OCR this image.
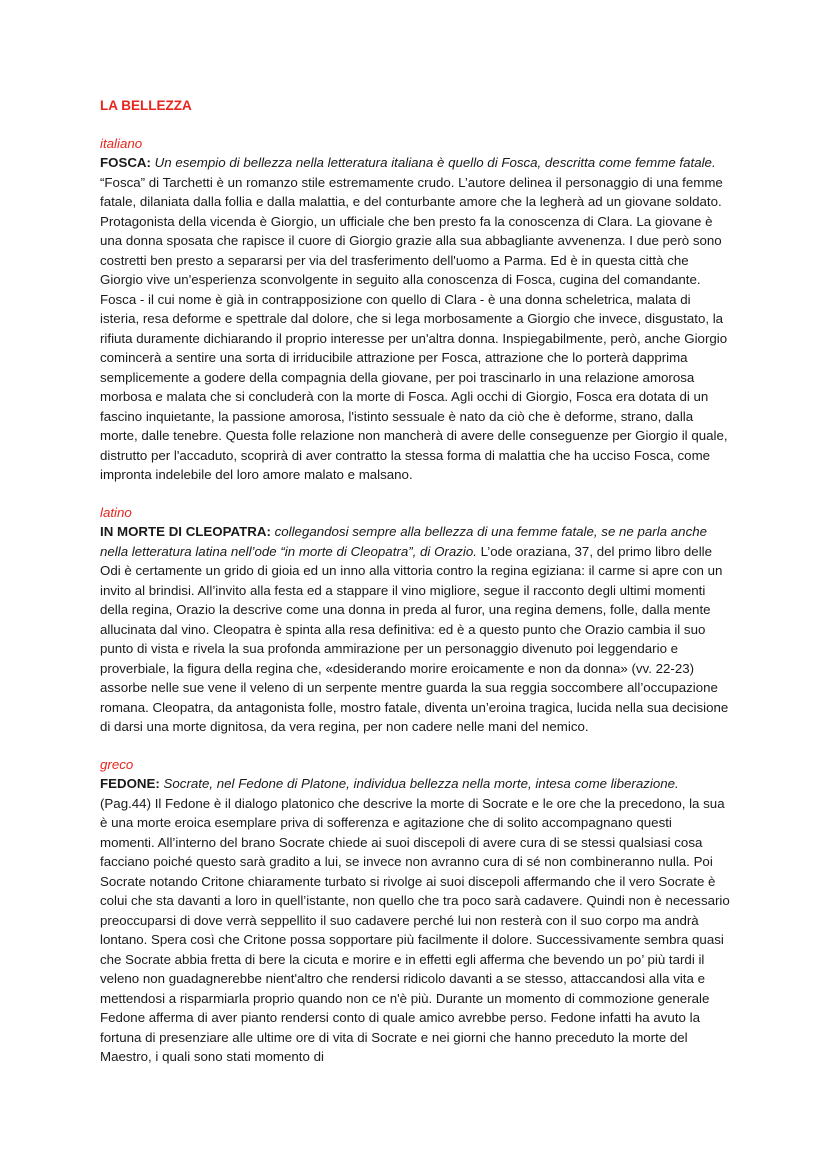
LA BELLEZZA

italiano

FOSCA: Un esempio di bellezza nella letteratura italiana è quello di Fosca, descritta come femme fatale. “Fosca” di Tarchetti è un romanzo stile estremamente crudo. L’autore delinea il personaggio di una femme fatale, dilaniata dalla follia e dalla malattia, e del conturbante amore che la legherà ad un giovane soldato. Protagonista della vicenda è Giorgio, un ufficiale che ben presto fa la conoscenza di Clara. La giovane è una donna sposata che rapisce il cuore di Giorgio grazie alla sua abbagliante avvenenza. I due però sono costretti ben presto a separarsi per via del trasferimento dell'uomo a Parma. Ed è in questa città che Giorgio vive un'esperienza sconvolgente in seguito alla conoscenza di Fosca, cugina del comandante. Fosca - il cui nome è già in contrapposizione con quello di Clara - è una donna scheletrica, malata di isteria, resa deforme e spettrale dal dolore, che si lega morbosamente a Giorgio che invece, disgustato, la rifiuta duramente dichiarando il proprio interesse per un'altra donna. Inspiegabilmente, però, anche Giorgio comincerà a sentire una sorta di irriducibile attrazione per Fosca, attrazione che lo porterà dapprima semplicemente a godere della compagnia della giovane, per poi trascinarlo in una relazione amorosa morbosa e malata che si concluderà con la morte di Fosca. Agli occhi di Giorgio, Fosca era dotata di un fascino inquietante, la passione amorosa, l'istinto sessuale è nato da ciò che è deforme, strano, dalla morte, dalle tenebre. Questa folle relazione non mancherà di avere delle conseguenze per Giorgio il quale, distrutto per l'accaduto, scoprirà di aver contratto la stessa forma di malattia che ha ucciso Fosca, come impronta indelebile del loro amore malato e malsano.

latino

IN MORTE DI CLEOPATRA: collegandosi sempre alla bellezza di una femme fatale, se ne parla anche nella letteratura latina nell’ode “in morte di Cleopatra”, di Orazio. L’ode oraziana, 37, del primo libro delle Odi è certamente un grido di gioia ed un inno alla vittoria contro la regina egiziana: il carme si apre con un invito al brindisi. All’invito alla festa ed a stappare il vino migliore, segue il racconto degli ultimi momenti della regina, Orazio la descrive come una donna in preda al furor, una regina demens, folle, dalla mente allucinata dal vino. Cleopatra è spinta alla resa definitiva: ed è a questo punto che Orazio cambia il suo punto di vista e rivela la sua profonda ammirazione per un personaggio divenuto poi leggendario e proverbiale, la figura della regina che, «desiderando morire eroicamente e non da donna» (vv. 22-23) assorbe nelle sue vene il veleno di un serpente mentre guarda la sua reggia soccombere all’occupazione romana. Cleopatra, da antagonista folle, mostro fatale, diventa un’eroina tragica, lucida nella sua decisione di darsi una morte dignitosa, da vera regina, per non cadere nelle mani del nemico.

greco

FEDONE: Socrate, nel Fedone di Platone, individua bellezza nella morte, intesa come liberazione.
(Pag.44) Il Fedone è il dialogo platonico che descrive la morte di Socrate e le ore che la precedono, la sua è una morte eroica esemplare priva di sofferenza e agitazione che di solito accompagnano questi momenti. All’interno del brano Socrate chiede ai suoi discepoli di avere cura di se stessi qualsiasi cosa facciano poiché questo sarà gradito a lui, se invece non avranno cura di sé non combineranno nulla. Poi Socrate notando Critone chiaramente turbato si rivolge ai suoi discepoli affermando che il vero Socrate è colui che sta davanti a loro in quell’istante, non quello che tra poco sarà cadavere. Quindi non è necessario preoccuparsi di dove verrà seppellito il suo cadavere perché lui non resterà con il suo corpo ma andrà lontano. Spera così che Critone possa sopportare più facilmente il dolore. Successivamente sembra quasi che Socrate abbia fretta di bere la cicuta e morire e in effetti egli afferma che bevendo un po’ più tardi il veleno non guadagnerebbe nient'altro che rendersi ridicolo davanti a se stesso, attaccandosi alla vita e mettendosi a risparmiarla proprio quando non ce n'è più. Durante un momento di commozione generale Fedone afferma di aver pianto rendersi conto di quale amico avrebbe perso. Fedone infatti ha avuto la fortuna di presenziare alle ultime ore di vita di Socrate e nei giorni che hanno preceduto la morte del Maestro, i quali sono stati momento di
